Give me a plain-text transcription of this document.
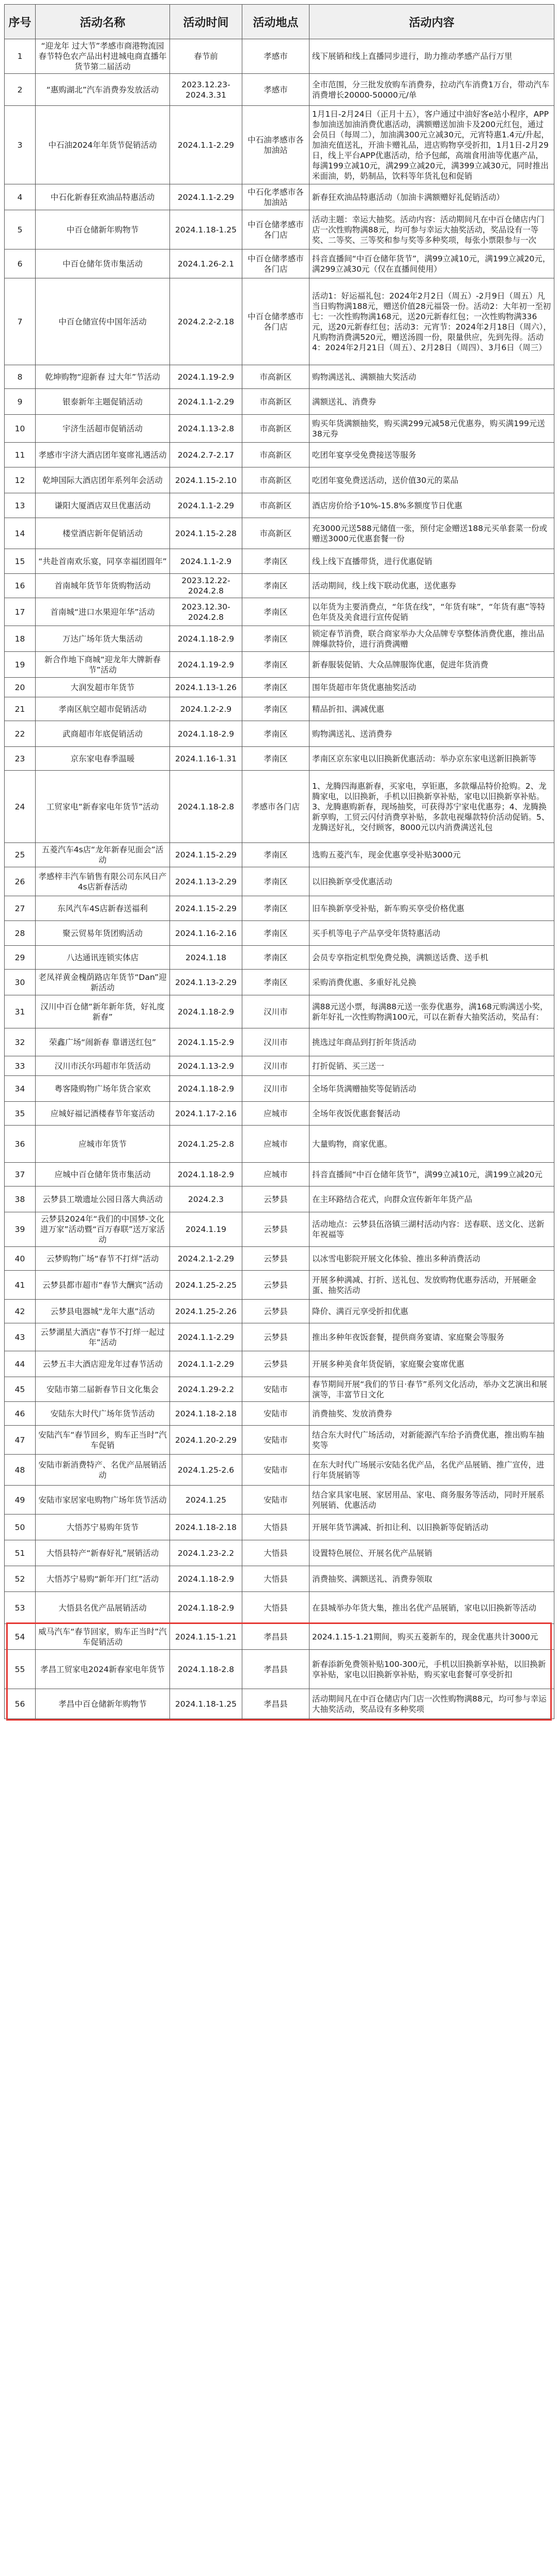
序号	活动名称	活动时间	活动地点	活动内容
1	“迎龙年 过大节”孝感市商港物流园春节特色农产品出村进城电商直播年货节第二届活动	春节前	孝感市	线下展销和线上直播同步进行，助力推动孝感产品行万里
2	“惠购湖北”汽车消费券发放活动	2023.12.23-2024.3.31	孝感市	全市范围，分三批发放购车消费券，拉动汽车消费1万台，带动汽车消费增长20000-50000元/单
3	中石油2024年年货节促销活动	2024.1.1-2.29	中石油孝感市各加油站	1月1日-2月24日（正月十五），客户通过中油好客e站小程序，APP参加油送加油消费优惠活动，满额赠送加油卡及200元红包，通过会员日（每周二），加油满300元立减30元，元宵特惠1.4元/升起，加油充值送礼，开油卡赠礼品，进店购物享受折扣，1月1日-2月29日，线上平台APP优惠活动，给予包邮，高端食用油等优惠产品，每满199立减10元，满299立减20元，满399立减30元，同时推出米面油，奶，奶制品，饮料等年货礼包和促销
4	中石化新春狂欢油品特惠活动	2024.1.1-2.29	中石化孝感市各加油站	新春狂欢油品特惠活动（加油卡满额赠好礼促销活动）
5	中百仓储新年购物节	2024.1.18-1.25	中百仓储孝感市各门店	活动主题：幸运大抽奖。活动内容：活动期间凡在中百仓储店内门店一次性购物满88元，均可参与幸运大抽奖活动，奖品设有一等奖、二等奖、三等奖和参与奖等多种奖项，每张小票限参与一次
6	中百仓储年货市集活动	2024.1.26-2.1	中百仓储孝感市各门店	抖音直播间“中百仓储年货节”，满99立减10元，满199立减20元，满299立减30元（仅在直播间使用）
7	中百仓储宣传中国年活动	2024.2.2-2.18	中百仓储孝感市各门店	活动1：好运福礼包：2024年2月2日（周五）-2月9日（周五）凡当日购物满188元，赠送价值28元福袋一份。活动2：大年初一至初七：一次性购物满168元，送20元新春红包；一次性购物满336元，送20元新春红包；活动3：元宵节：2024年2月18日（周六），凡购物消费满520元，赠送汤圆一份，限量供应，先到先得。活动4：2024年2月21日（周五）、2月28日（周四）、3月6日（周三）
8	乾坤购物“迎新春 过大年”节活动	2024.1.19-2.9	市高新区	购物满送礼、满额抽大奖活动
9	银泰新年主题促销活动	2024.1.1-2.29	市高新区	满额送礼、消费券
10	宇济生活超市促销活动	2024.1.13-2.8	市高新区	购买年货满额抽奖，购买满299元减58元优惠券，购买满199元送38元券
11	孝感市宇济大酒店团年宴席礼遇活动	2024.2.7-2.17	市高新区	吃团年宴享受免费接送等服务
12	乾坤国际大酒店团年系列年会活动	2024.1.15-2.10	市高新区	吃团年宴免费送活动，送价值30元的菜品
13	谦阳大厦酒店双旦优惠活动	2024.1.1-2.29	市高新区	酒店房价给予10%-15.8%多额度节日优惠
14	楼堂酒店新年促销活动	2024.1.15-2.28	市高新区	充3000元送588元储值一张，预付定金赠送188元买单套菜一份或赠送3000元优惠套餐一份
15	“共赴首南欢乐宴，同享幸福团圆年”	2024.1.1-2.9	孝南区	线上线下直播带货，进行优惠促销
16	首南城年货节年货购物活动	2023.12.22-2024.2.8	孝南区	活动期间，线上线下联动优惠，送优惠券
17	首南城“进口水果迎年华”活动	2023.12.30-2024.2.8	孝南区	以年货为主要消费点，“年货在线”，“年货有味”，“年货有惠”等特色年货及美食进行宣传促销
18	万达广场年货大集活动	2024.1.18-2.9	孝南区	锁定春节消费，联合商家举办大众品牌专享整体消费优惠，推出品牌爆款特价，进行消费满赠
19	新合作地下商城“迎龙年大牌新春节”活动	2024.1.19-2.9	孝南区	新春服装促销、大众品牌服饰优惠，促进年货消费
20	大润发超市年货节	2024.1.13-1.26	孝南区	围年货超市年货优惠抽奖活动
21	孝南区航空超市促销活动	2024.1.2-2.9	孝南区	精品折扣、满减优惠
22	武商超市年底促销活动	2024.1.18-2.9	孝南区	购物满送礼、送消费券
23	京东家电春季温暖	2024.1.16-1.31	孝南区	孝南区京东家电以旧换新优惠活动：举办京东家电送新旧换新等
24	工贸家电“新春家电年货节”活动	2024.1.18-2.8	孝感市各门店	1、龙腾四海惠新春，买家电，享钜惠，多款爆品特价抢购。2、龙腾家电，以旧换新，手机以旧换新享补贴，家电以旧换新享补贴。3、龙腾惠购新春，现场抽奖，可获得苏宁家电优惠券；4、龙腾换新享购，工贸云闪付消费享补贴，多款电视爆款特价活动促销。5、龙腾送好礼，交付顾客，8000元以内消费满送礼包
25	五菱汽车4s店“龙年新春见面会”活动	2024.1.15-2.29	孝南区	选购五菱汽车，现金优惠享受补贴3000元
26	孝感梓丰汽车销售有限公司东风日产4s店新春活动	2024.1.13-2.29	孝南区	以旧换新享受优惠活动
27	东风汽车4S店新春送福利	2024.1.15-2.29	孝南区	旧车换新享受补贴，新车购买享受价格优惠
28	聚云贸易年货团购活动	2024.1.16-2.16	孝南区	买手机等电子产品享受年货特惠活动
29	八达通讯连锁实体店	2024.1.18	孝南区	会员专享指定机型免费兑换，满额送话费、送手机
30	老凤祥黄金槐荫路店年货节“Dan”迎新活动	2024.1.13-2.29	孝南区	采购消费优惠、多重好礼兑换
31	汉川中百仓储“新年新年货，好礼度新春”	2024.1.18-2.9	汉川市	满88元送小票，每满88元送一张券优惠券，满168元购满送小奖，新年好礼一次性购物满100元，可以在新春大抽奖活动，奖品有：
32	荣鑫广场“闹新春 靠谱送红包”	2024.1.15-2.9	汉川市	挑选过年商品到打折年货活动
33	汉川市沃尔玛超市年货活动	2024.1.13-2.9	汉川市	打折促销、买三送一
34	粤客隆购物广场年货合家欢	2024.1.18-2.9	汉川市	全场年货满赠抽奖等促销活动
35	应城好福记酒楼春节年宴活动	2024.1.17-2.16	应城市	全场年夜饭优惠套餐活动
36	应城市年货节	2024.1.25-2.8	应城市	大量购物，商家优惠。
37	应城中百仓储年货市集活动	2024.1.18-2.9	应城市	抖音直播间“中百仓储年货节”，满99立减10元，满199立减20元
38	云梦县工墩遗址公园日落大典活动	2024.2.3	云梦县	在主环路结合花式，向群众宣传新年年货产品
39	云梦县2024年“我们的中国梦-文化进万家”活动暨“百万春联”送万家活动	2024.1.19	云梦县	活动地点：云梦县伍洛镇三湖村活动内容：送春联、送文化、送新年祝福等
40	云梦购物广场“春节不打烊”活动	2024.2.1-2.29	云梦县	以冰雪电影院开展文化体验、推出多种消费活动
41	云梦县都市超市“春节大酬宾”活动	2024.1.25-2.25	云梦县	开展多种满减、打折、送礼包、发放购物优惠券活动，开展砸金蛋、抽奖活动
42	云梦县电器城“龙年大惠”活动	2024.1.25-2.26	云梦县	降价、满百元享受折扣优惠
43	云梦湖星大酒店“春节不打烊一起过年”活动	2024.1.1-2.29	云梦县	推出多种年夜饭套餐，提供商务宴请、家庭聚会等服务
44	云梦五丰大酒店迎龙年过春节活动	2024.1.1-2.29	云梦县	开展多种美食年货促销，家庭聚会宴席优惠
45	安陆市第二届新春节日文化集会	2024.1.29-2.2	安陆市	春节期间开展“我们的节日·春节”系列文化活动，举办文艺演出和展演等，丰富节日文化
46	安陆东大时代广场年货节活动	2024.1.18-2.18	安陆市	消费抽奖、发放消费券
47	安陆汽车“春节回乡，购车正当时”汽车促销	2024.1.20-2.29	安陆市	结合东大时代广场活动，对新能源汽车给予消费优惠，推出购车抽奖等
48	安陆市新消费特产、名优产品展销活动	2024.1.25-2.6	安陆市	在东大时代广场展示安陆名优产品，名优产品展销、推广宣传，进行年货展销等
49	安陆市家居家电购物广场年货节活动	2024.1.25	安陆市	结合家具家电展、家居用品、家电、商务服务等活动，同时开展系列展销、优惠活动
50	大悟苏宁易购年货节	2024.1.18-2.18	大悟县	开展年货节满减、折扣让利、以旧换新等促销活动
51	大悟县特产“新春好礼”展销活动	2024.1.23-2.2	大悟县	设置特色展位、开展名优产品展销
52	大悟苏宁易购“新年开门红”活动	2024.1.18-2.9	大悟县	消费抽奖、满额送礼、消费券领取
53	大悟县名优产品展销活动	2024.1.18-2.9	大悟县	在县城举办年货大集，推出名优产品展销，家电以旧换新等活动
54	威马汽车“春节回家，购车正当时”汽车促销活动	2024.1.15-1.21	孝昌县	2024.1.15-1.21期间，购买五菱新车的，现金优惠共计3000元
55	孝昌工贸家电2024新春家电年货节	2024.1.18-2.8	孝昌县	新春添新免费领补贴100-300元，手机以旧换新享补贴，以旧换新享补贴，家电以旧换新享补贴，购买家电套餐可享受折扣
56	孝昌中百仓储新年购物节	2024.1.18-1.25	孝昌县	活动期间凡在中百仓储店内门店一次性购物满88元，均可参与幸运大抽奖活动，奖品设有多种奖项
